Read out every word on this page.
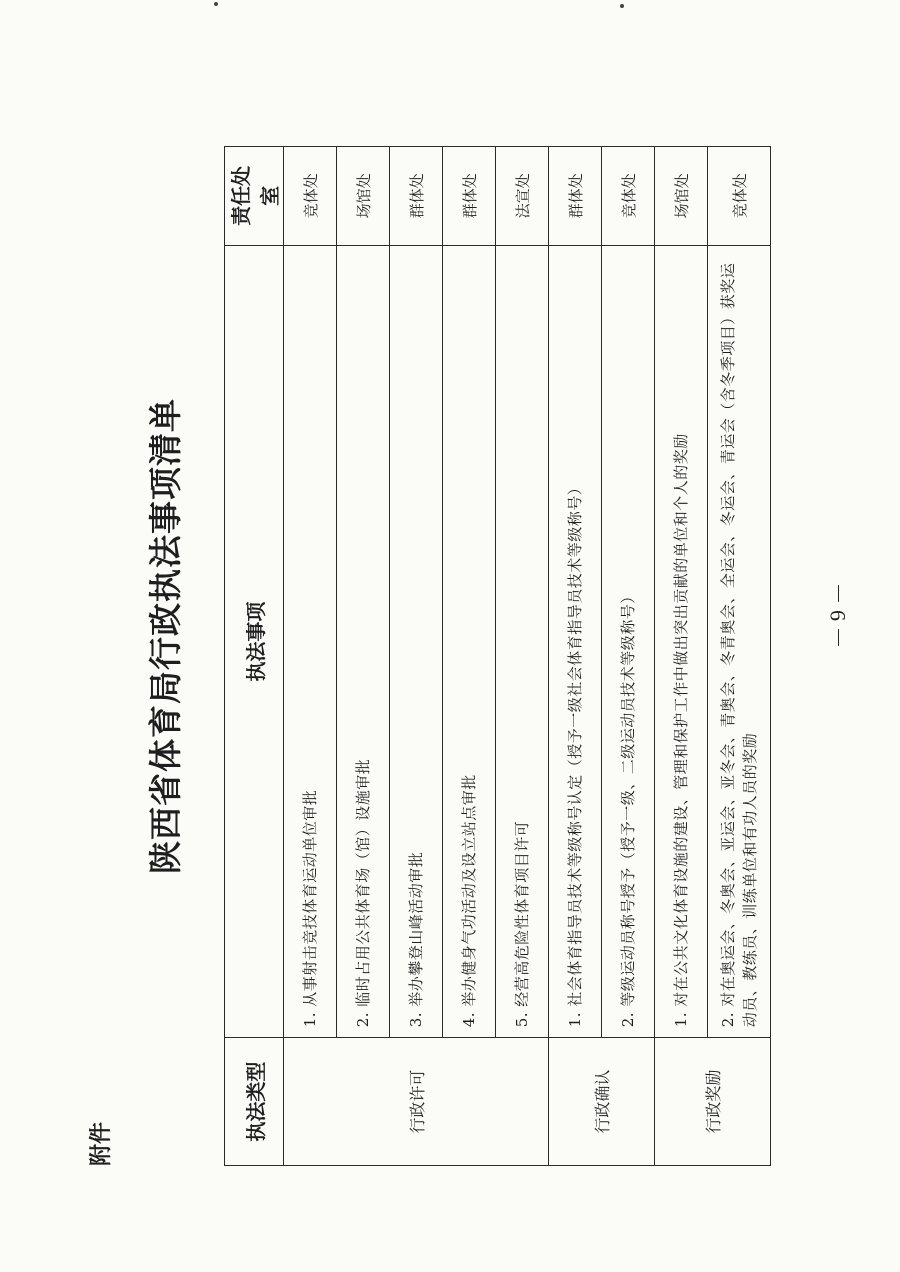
－ 6 －
附件
陕西省体育局行政执法事项清单
执法类型	执法事项	责任处室
行政许可	1. 从事射击竞技体育运动单位审批	竞体处
	2. 临时占用公共体育场（馆）设施审批	场馆处
	3. 举办攀登山峰活动审批	群体处
	4. 举办健身气功活动及设立站点审批	群体处
	5. 经营高危险性体育项目许可	法宣处
行政确认	1. 社会体育指导员技术等级称号认定（授予一级社会体育指导员技术等级称号）	群体处
	2. 等级运动员称号授予（授予一级、二级运动员技术等级称号）	竞体处
行政奖励	1. 对在公共文化体育设施的建设、管理和保护工作中做出突出贡献的单位和个人的奖励	场馆处
	2. 对在奥运会、冬奥会、亚运会、亚冬会、青奥会、冬青奥会、全运会、冬运会、青运会（含冬季项目）获奖运动员、教练员、训练单位和有功人员的奖励	竞体处
